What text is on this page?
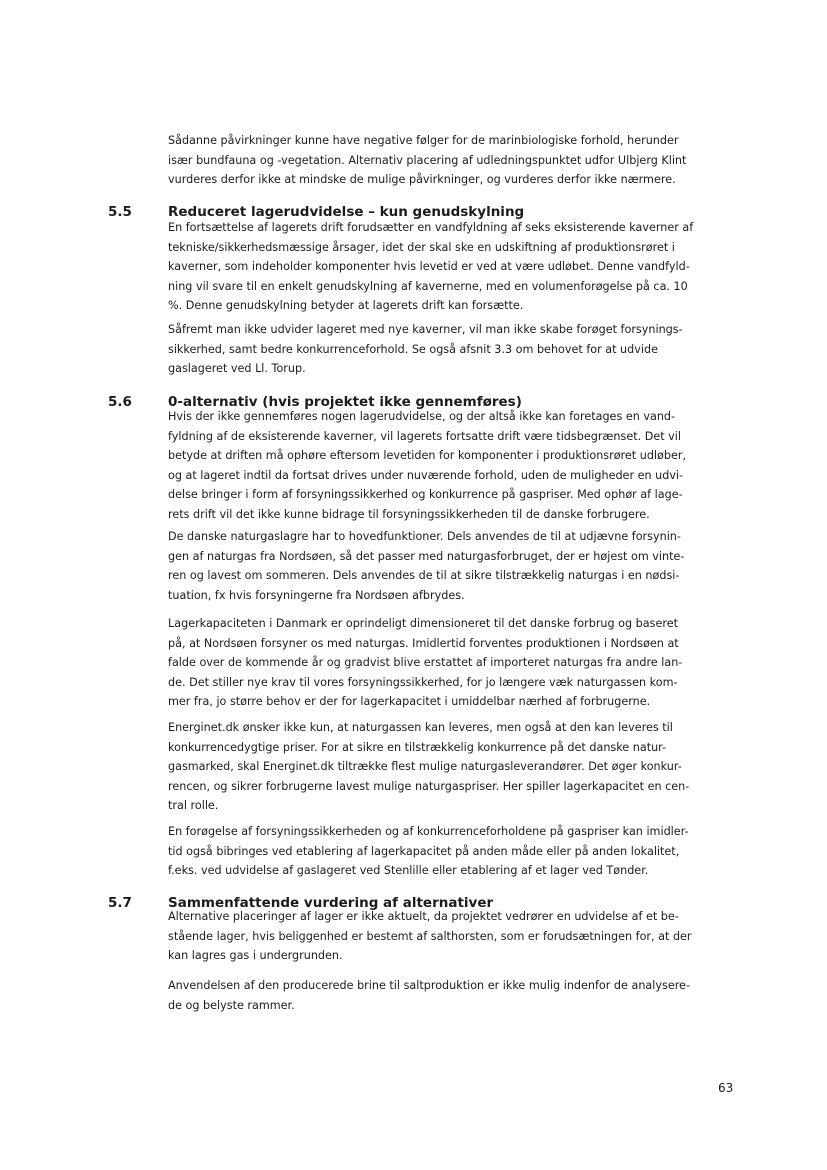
Sådanne påvirkninger kunne have negative følger for de marinbiologiske forhold, herunder
især bundfauna og -vegetation. Alternativ placering af udledningspunktet udfor Ulbjerg Klint
vurderes derfor ikke at mindske de mulige påvirkninger, og vurderes derfor ikke nærmere.

5.5	Reduceret lagerudvidelse – kun genudskylning

En fortsættelse af lagerets drift forudsætter en vandfyldning af seks eksisterende kaverner af
tekniske/sikkerhedsmæssige årsager, idet der skal ske en udskiftning af produktionsrøret i
kaverner, som indeholder komponenter hvis levetid er ved at være udløbet. Denne vandfyld-
ning vil svare til en enkelt genudskylning af kavernerne, med en volumenforøgelse på ca. 10
%. Denne genudskylning betyder at lagerets drift kan forsætte.

Såfremt man ikke udvider lageret med nye kaverner, vil man ikke skabe forøget forsynings-
sikkerhed, samt bedre konkurrenceforhold. Se også afsnit 3.3 om behovet for at udvide
gaslageret ved Ll. Torup.

5.6	0-alternativ (hvis projektet ikke gennemføres)

Hvis der ikke gennemføres nogen lagerudvidelse, og der altså ikke kan foretages en vand-
fyldning af de eksisterende kaverner, vil lagerets fortsatte drift være tidsbegrænset. Det vil
betyde at driften må ophøre eftersom levetiden for komponenter i produktionsrøret udløber,
og at lageret indtil da fortsat drives under nuværende forhold, uden de muligheder en udvi-
delse bringer i form af forsyningssikkerhed og konkurrence på gaspriser. Med ophør af lage-
rets drift vil det ikke kunne bidrage til forsyningssikkerheden til de danske forbrugere.

De danske naturgaslagre har to hovedfunktioner. Dels anvendes de til at udjævne forsynin-
gen af naturgas fra Nordsøen, så det passer med naturgasforbruget, der er højest om vinte-
ren og lavest om sommeren. Dels anvendes de til at sikre tilstrækkelig naturgas i en nødsi-
tuation, fx hvis forsyningerne fra Nordsøen afbrydes.

Lagerkapaciteten i Danmark er oprindeligt dimensioneret til det danske forbrug og baseret
på, at Nordsøen forsyner os med naturgas. Imidlertid forventes produktionen i Nordsøen at
falde over de kommende år og gradvist blive erstattet af importeret naturgas fra andre lan-
de. Det stiller nye krav til vores forsyningssikkerhed, for jo længere væk naturgassen kom-
mer fra, jo større behov er der for lagerkapacitet i umiddelbar nærhed af forbrugerne.

Energinet.dk ønsker ikke kun, at naturgassen kan leveres, men også at den kan leveres til
konkurrencedygtige priser. For at sikre en tilstrækkelig konkurrence på det danske natur-
gasmarked, skal Energinet.dk tiltrække flest mulige naturgasleverandører. Det øger konkur-
rencen, og sikrer forbrugerne lavest mulige naturgaspriser. Her spiller lagerkapacitet en cen-
tral rolle.

En forøgelse af forsyningssikkerheden og af konkurrenceforholdene på gaspriser kan imidler-
tid også bibringes ved etablering af lagerkapacitet på anden måde eller på anden lokalitet,
f.eks. ved udvidelse af gaslageret ved Stenlille eller etablering af et lager ved Tønder.

5.7	Sammenfattende vurdering af alternativer

Alternative placeringer af lager er ikke aktuelt, da projektet vedrører en udvidelse af et be-
stående lager, hvis beliggenhed er bestemt af salthorsten, som er forudsætningen for, at der
kan lagres gas i undergrunden.

Anvendelsen af den producerede brine til saltproduktion er ikke mulig indenfor de analysere-
de og belyste rammer.

63
